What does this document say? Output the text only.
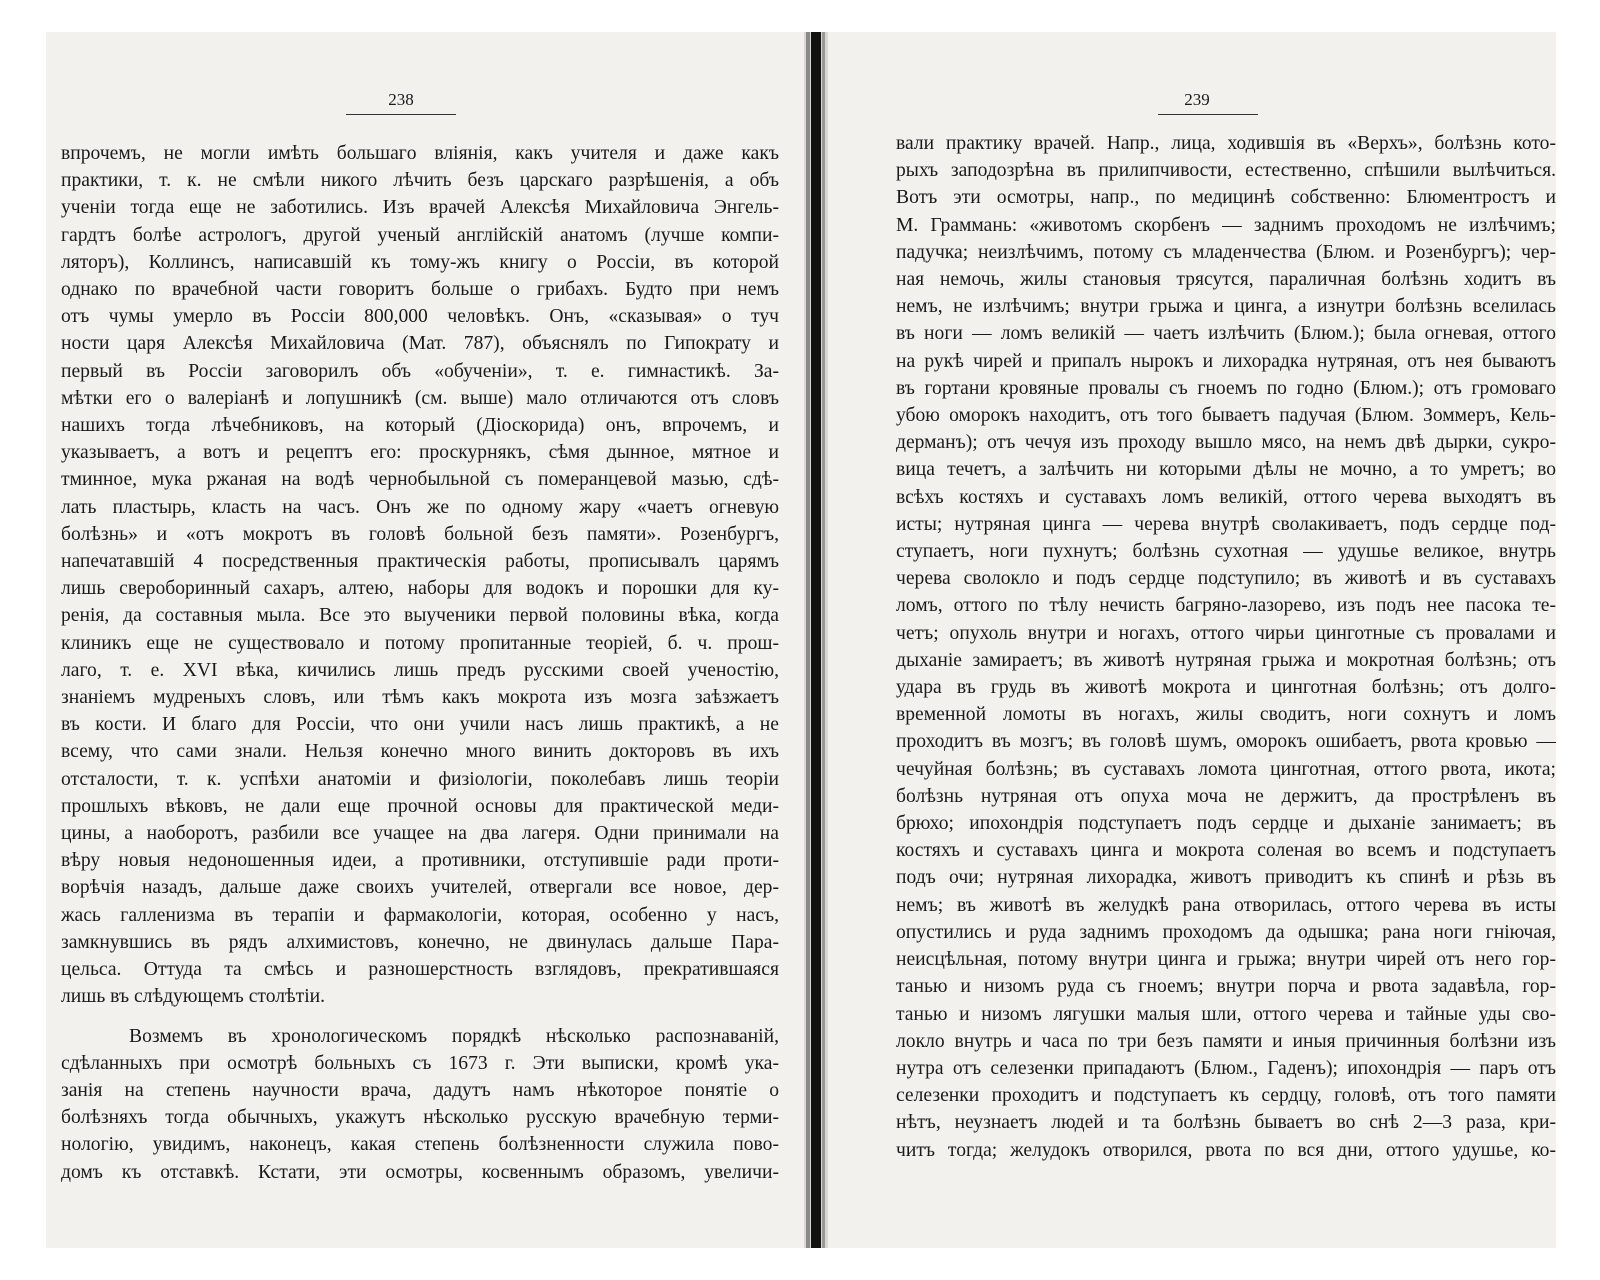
238
впрочемъ, не могли имѣть большагo вліянія, какъ учителя и даже какъ
практики, т. к. не смѣли никого лѣчить безъ царскаго разрѣшенія, а объ
ученіи тогда еще не заботились. Изъ врачей Алексѣя Михайловича Энгель-
гардтъ болѣе астрологъ, другой ученый англійскій анатомъ (лучше компи-
ляторъ), Коллинсъ, написавшій къ тому-жъ книгу о Россіи, въ которой
однако по врачебной части говоритъ больше о грибахъ. Будто при немъ
отъ чумы умерло въ Россіи 800,000 человѣкъ. Онъ, «сказывая» о туч
ности царя Алексѣя Михайловича (Мат. 787), объяснялъ по Гипократу и
первый въ Россіи заговорилъ объ «обученіи», т. е. гимнастикѣ. За-
мѣтки его о валеріанѣ и лопушникѣ (см. выше) мало отличаются отъ словъ
нашихъ тогда лѣчебниковъ, на который (Діоскорида) онъ, впрочемъ, и
указываетъ, а вотъ и рецептъ его: проскурнякъ, сѣмя дынное, мятное и
тминное, мука ржаная на водѣ чернобыльной съ померанцевой мазью, сдѣ-
лать пластырь, класть на часъ. Онъ же по одному жару «чаетъ огневую
болѣзнь» и «отъ мокротъ въ головѣ больной безъ памяти». Розенбургъ,
напечатавшій 4 посредственныя практическія работы, прописывалъ царямъ
лишь свероборинный сахаръ, алтею, наборы для водокъ и порошки для ку-
ренія, да составныя мыла. Все это выученики первой половины вѣка, когда
клиникъ еще не существовало и потому пропитанные теоріей, б. ч. прош-
лаго, т. е. XVI вѣка, кичились лишь предъ русскими своей ученостію,
знаніемъ мудреныхъ словъ, или тѣмъ какъ мокрота изъ мозга заѣзжаетъ
въ кости. И благо для Россіи, что они учили насъ лишь практикѣ, а не
всему, что сами знали. Нельзя конечно много винить докторовъ въ ихъ
отсталости, т. к. успѣхи анатоміи и физіологіи, поколебавъ лишь теоріи
прошлыхъ вѣковъ, не дали еще прочной основы для практической меди-
цины, а наоборотъ, разбили все учащее на два лагеря. Одни принимали на
вѣру новыя недоношенныя идеи, а противники, отступившіе ради проти-
ворѣчія назадъ, дальше даже своихъ учителей, отвергали все новое, дер-
жась галленизма въ терапіи и фармакологіи, которая, особенно у насъ,
замкнувшись въ рядъ алхимистовъ, конечно, не двинулась дальше Пара-
цельса. Оттуда та смѣсь и разношерстность взглядовъ, прекратившаяся
лишь въ слѣдующемъ столѣтіи.
Возмемъ въ хронологическомъ порядкѣ нѣсколько распознаваній,
сдѣланныхъ при осмотрѣ больныхъ съ 1673 г. Эти выписки, кромѣ ука-
занія на степень научности врача, дадутъ намъ нѣкоторое понятіе о
болѣзняхъ тогда обычныхъ, укажутъ нѣсколько русскую врачебную терми-
нологію, увидимъ, наконецъ, какая степень болѣзненности служила пово-
домъ къ отставкѣ. Кстати, эти осмотры, косвеннымъ образомъ, увеличи-
239
вали практику врачей. Напр., лица, ходившія въ «Верхъ», болѣзнь кото-
рыхъ заподозрѣна въ прилипчивости, естественно, спѣшили вылѣчиться.
Вотъ эти осмотры, напр., по медицинѣ собственно: Блюментростъ и
М. Граммань: «животомъ скорбенъ — заднимъ проходомъ не излѣчимъ;
падучка; неизлѣчимъ, потому съ младенчества (Блюм. и Розенбургъ); чер-
ная немочь, жилы становыя трясутся, параличная болѣзнь ходитъ въ
немъ, не излѣчимъ; внутри грыжа и цинга, а изнутри болѣзнь вселилась
въ ноги — ломъ великій — чаетъ излѣчить (Блюм.); была огневая, оттого
на рукѣ чирей и припалъ нырокъ и лихорадка нутряная, отъ нея бываютъ
въ гортани кровяные провалы съ гноемъ по годно (Блюм.); отъ громоваго
убою оморокъ находитъ, отъ того бываетъ падучая (Блюм. Зоммеръ, Кель-
дерманъ); отъ чечуя изъ проходу вышло мясо, на немъ двѣ дырки, сукро-
вица течетъ, а залѣчить ни которыми дѣлы не мочно, а то умретъ; во
всѣхъ костяхъ и суставахъ ломъ великій, оттого черева выходятъ въ
исты; нутряная цинга — черева внутрѣ сволакиваетъ, подъ сердце под-
ступаетъ, ноги пухнутъ; болѣзнь сухотная — удушье великое, внутрь
черева сволокло и подъ сердце подступило; въ животѣ и въ суставахъ
ломъ, оттого по тѣлу нечисть багряно-лазорево, изъ подъ нее пасока те-
четъ; опухоль внутри и ногахъ, оттого чирьи цинготные съ провалами и
дыханіе замираетъ; въ животѣ нутряная грыжа и мокротная болѣзнь; отъ
удара въ грудь въ животѣ мокрота и цинготная болѣзнь; отъ долго-
временной ломоты въ ногахъ, жилы сводитъ, ноги сохнутъ и ломъ
проходитъ въ мозгъ; въ головѣ шумъ, оморокъ ошибаетъ, рвота кровью —
чечуйная болѣзнь; въ суставахъ ломота цинготная, оттого рвота, икота;
болѣзнь нутряная отъ опуха моча не держитъ, да прострѣленъ въ
брюхо; ипохондрія подступаетъ подъ сердце и дыханіе занимаетъ; въ
костяхъ и суставахъ цинга и мокрота соленая во всемъ и подступаетъ
подъ очи; нутряная лихорадка, животъ приводитъ къ спинѣ и рѣзь въ
немъ; въ животѣ въ желудкѣ рана отворилась, оттого черева въ исты
опустились и руда заднимъ проходомъ да одышка; рана ноги гніючая,
неисцѣльная, потому внутри цинга и грыжа; внутри чирей отъ него гор-
танью и низомъ руда съ гноемъ; внутри порча и рвота задавѣла, гор-
танью и низомъ лягушки малыя шли, оттого черева и тайные уды сво-
локло внутрь и часа по три безъ памяти и иныя причинныя болѣзни изъ
нутра отъ селезенки припадаютъ (Блюм., Гаденъ); ипохондрія — паръ отъ
селезенки проходитъ и подступаетъ къ сердцу, головѣ, отъ того памяти
нѣтъ, неузнаетъ людей и та болѣзнь бываетъ во снѣ 2—3 раза, кри-
читъ тогда; желудокъ отворился, рвота по вся дни, оттого удушье, ко-
